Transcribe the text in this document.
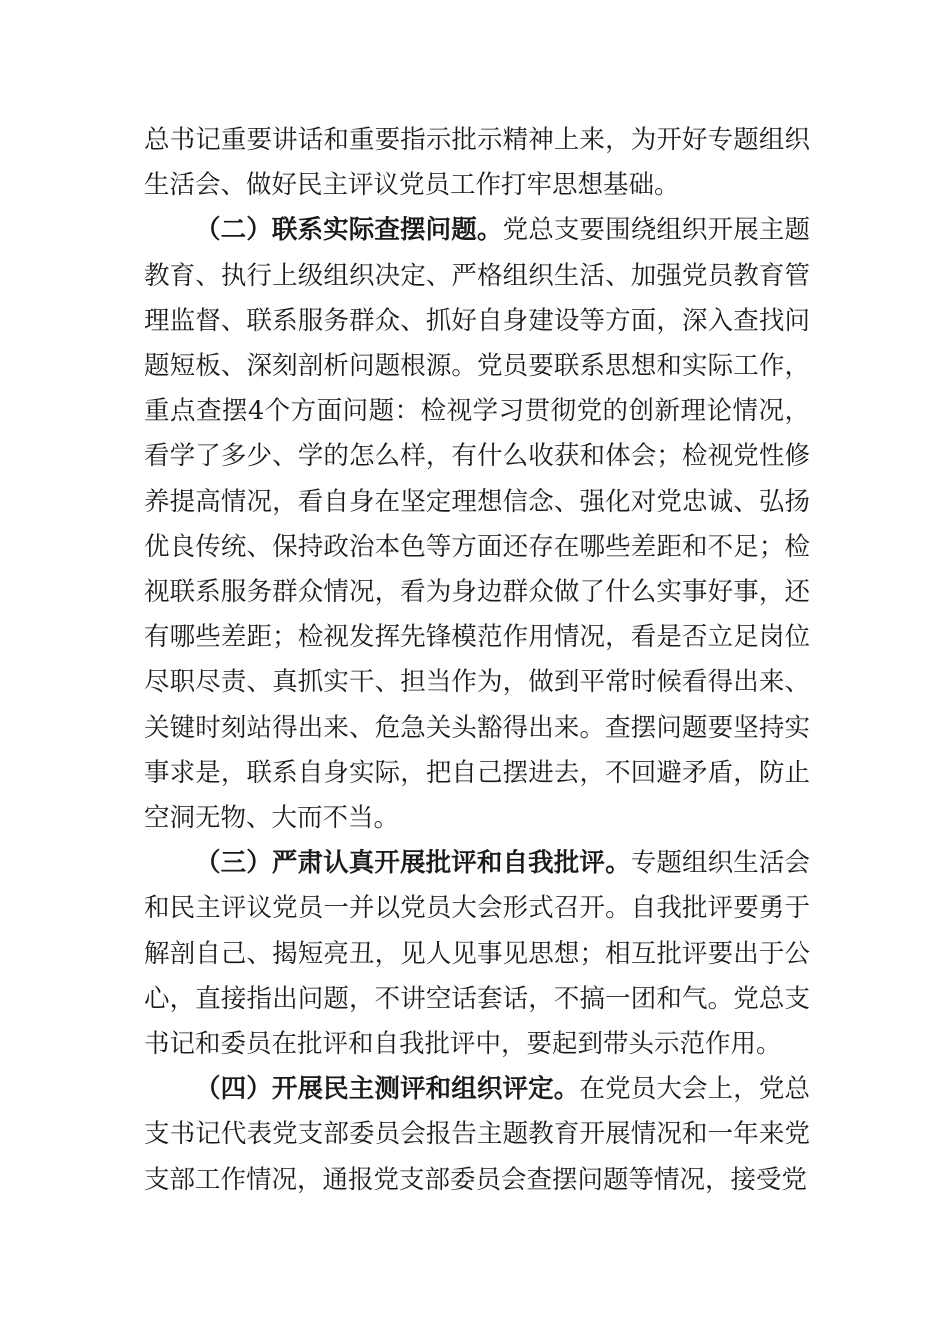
总书记重要讲话和重要指示批示精神上来，为开好专题组织生活会、做好民主评议党员工作打牢思想基础。

（二）联系实际查摆问题。党总支要围绕组织开展主题教育、执行上级组织决定、严格组织生活、加强党员教育管理监督、联系服务群众、抓好自身建设等方面，深入查找问题短板、深刻剖析问题根源。党员要联系思想和实际工作，重点查摆4个方面问题：检视学习贯彻党的创新理论情况，看学了多少、学的怎么样，有什么收获和体会；检视党性修养提高情况，看自身在坚定理想信念、强化对党忠诚、弘扬优良传统、保持政治本色等方面还存在哪些差距和不足；检视联系服务群众情况，看为身边群众做了什么实事好事，还有哪些差距；检视发挥先锋模范作用情况，看是否立足岗位尽职尽责、真抓实干、担当作为，做到平常时候看得出来、关键时刻站得出来、危急关头豁得出来。查摆问题要坚持实事求是，联系自身实际，把自己摆进去，不回避矛盾，防止空洞无物、大而不当。

（三）严肃认真开展批评和自我批评。专题组织生活会和民主评议党员一并以党员大会形式召开。自我批评要勇于解剖自己、揭短亮丑，见人见事见思想；相互批评要出于公心，直接指出问题，不讲空话套话，不搞一团和气。党总支书记和委员在批评和自我批评中，要起到带头示范作用。

（四）开展民主测评和组织评定。在党员大会上，党总支书记代表党支部委员会报告主题教育开展情况和一年来党支部工作情况，通报党支部委员会查摆问题等情况，接受党
